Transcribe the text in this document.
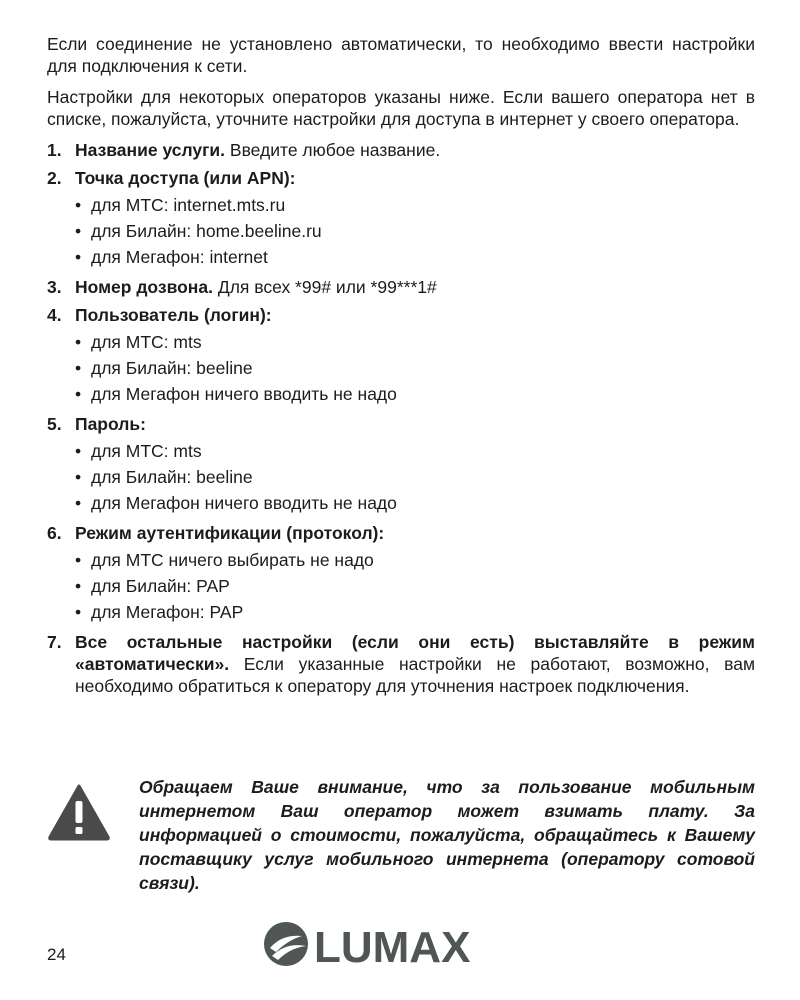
Если соединение не установлено автоматически, то необходимо ввести настройки для подключения к сети.

Настройки для некоторых операторов указаны ниже. Если вашего оператора нет в списке, пожалуйста, уточните настройки для доступа в интернет у своего оператора.

1. Название услуги. Введите любое название.
2. Точка доступа (или APN):
• для МТС: internet.mts.ru
• для Билайн: home.beeline.ru
• для Мегафон: internet
3. Номер дозвона. Для всех *99# или *99***1#
4. Пользователь (логин):
• для МТС: mts
• для Билайн: beeline
• для Мегафон ничего вводить не надо
5. Пароль:
• для МТС: mts
• для Билайн: beeline
• для Мегафон ничего вводить не надо
6. Режим аутентификации (протокол):
• для МТС ничего выбирать не надо
• для Билайн: PAP
• для Мегафон: PAP
7. Все остальные настройки (если они есть) выставляйте в режим «автоматически». Если указанные настройки не работают, возможно, вам необходимо обратиться к оператору для уточнения настроек подключения.
Обращаем Ваше внимание, что за пользование мобильным интернетом Ваш оператор может взимать плату. За информацией о стоимости, пожалуйста, обращайтесь к Вашему поставщику услуг мобильного интернета (оператору сотовой связи).
24	LUMAX
